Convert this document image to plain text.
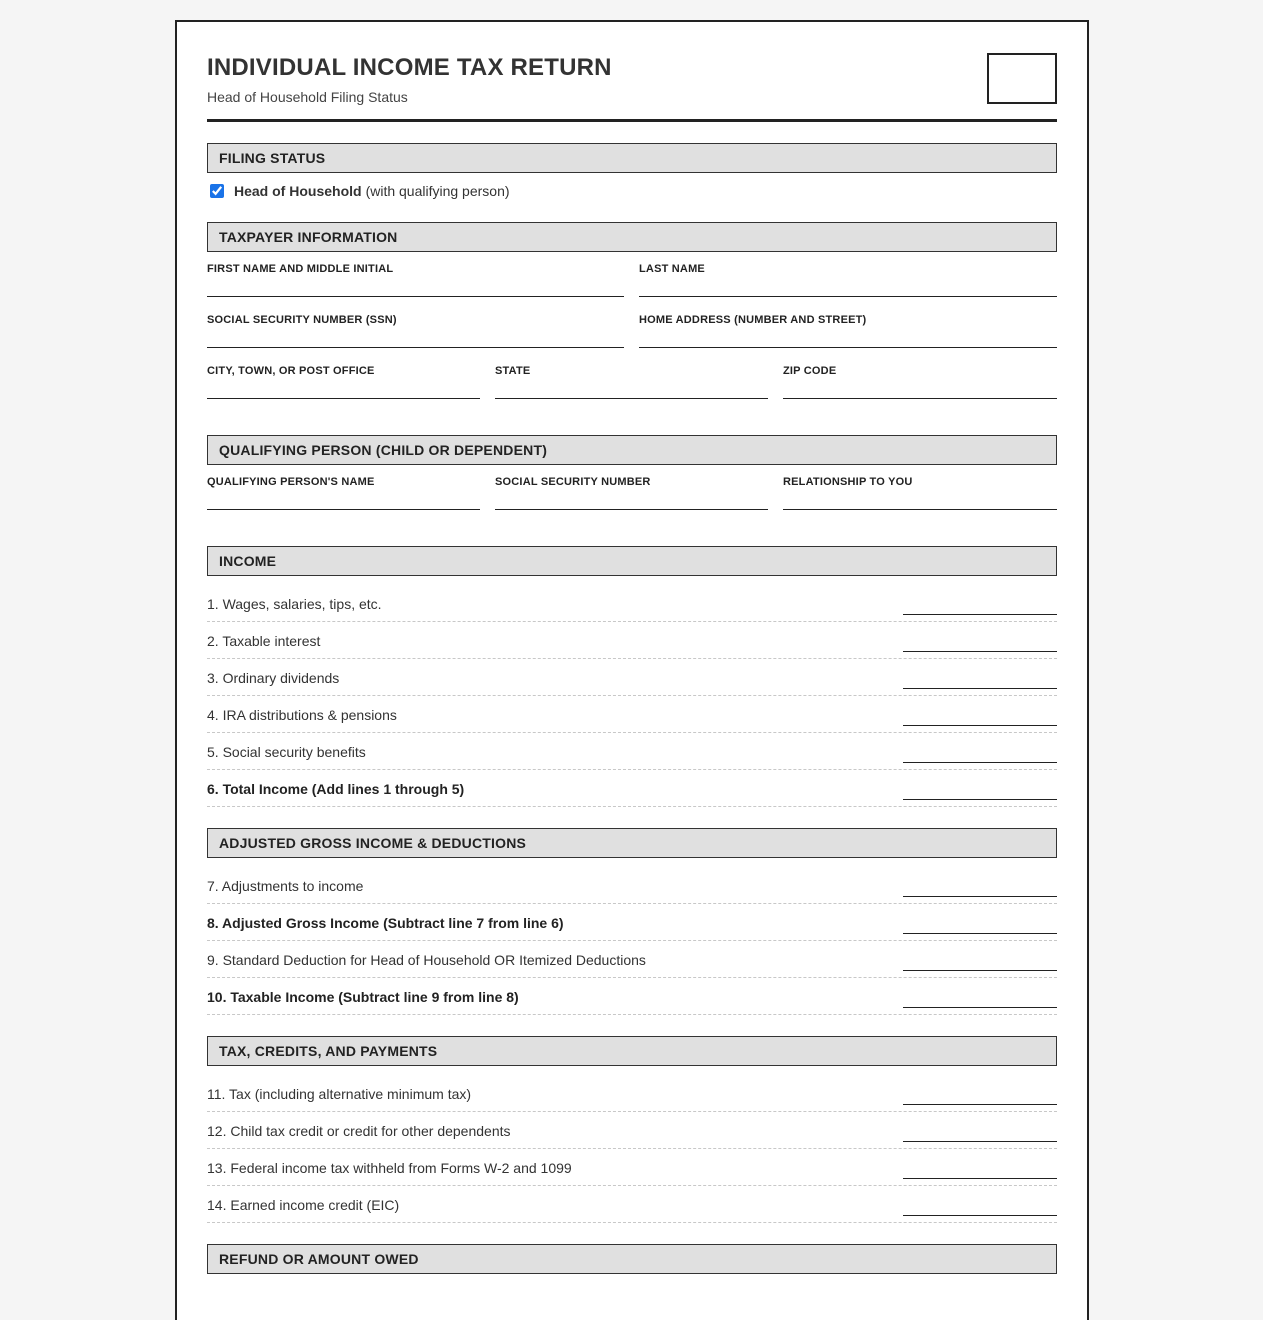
INDIVIDUAL INCOME TAX RETURN
Head of Household Filing Status
FILING STATUS
Head of Household (with qualifying person)
TAXPAYER INFORMATION
FIRST NAME AND MIDDLE INITIAL	LAST NAME
SOCIAL SECURITY NUMBER (SSN)	HOME ADDRESS (NUMBER AND STREET)
CITY, TOWN, OR POST OFFICE	STATE	ZIP CODE
QUALIFYING PERSON (CHILD OR DEPENDENT)
QUALIFYING PERSON'S NAME	SOCIAL SECURITY NUMBER	RELATIONSHIP TO YOU
INCOME
1. Wages, salaries, tips, etc.
2. Taxable interest
3. Ordinary dividends
4. IRA distributions & pensions
5. Social security benefits
6. Total Income (Add lines 1 through 5)
ADJUSTED GROSS INCOME & DEDUCTIONS
7. Adjustments to income
8. Adjusted Gross Income (Subtract line 7 from line 6)
9. Standard Deduction for Head of Household OR Itemized Deductions
10. Taxable Income (Subtract line 9 from line 8)
TAX, CREDITS, AND PAYMENTS
11. Tax (including alternative minimum tax)
12. Child tax credit or credit for other dependents
13. Federal income tax withheld from Forms W-2 and 1099
14. Earned income credit (EIC)
REFUND OR AMOUNT OWED
